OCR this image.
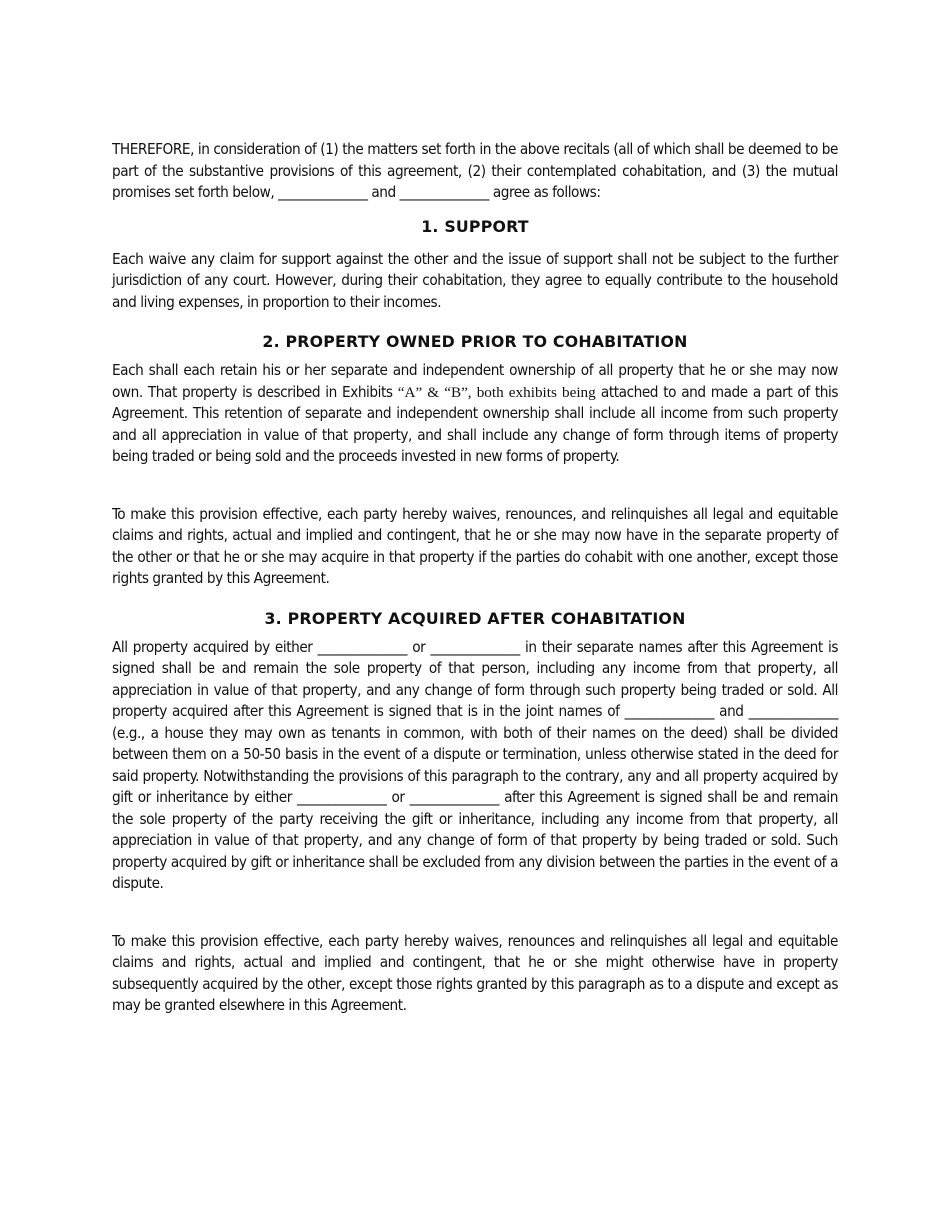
THEREFORE, in consideration of (1) the matters set forth in the above recitals (all of which shall be deemed to be part of the substantive provisions of this agreement, (2) their contemplated cohabitation, and (3) the mutual promises set forth below, ______________ and ______________ agree as follows:

1. SUPPORT

Each waive any claim for support against the other and the issue of support shall not be subject to the further jurisdiction of any court. However, during their cohabitation, they agree to equally contribute to the household and living expenses, in proportion to their incomes.

2. PROPERTY OWNED PRIOR TO COHABITATION

Each shall each retain his or her separate and independent ownership of all property that he or she may now own. That property is described in Exhibits “A” & “B”, both exhibits being attached to and made a part of this Agreement. This retention of separate and independent ownership shall include all income from such property and all appreciation in value of that property, and shall include any change of form through items of property being traded or being sold and the proceeds invested in new forms of property.

To make this provision effective, each party hereby waives, renounces, and relinquishes all legal and equitable claims and rights, actual and implied and contingent, that he or she may now have in the separate property of the other or that he or she may acquire in that property if the parties do cohabit with one another, except those rights granted by this Agreement.

3. PROPERTY ACQUIRED AFTER COHABITATION

All property acquired by either ______________ or ______________ in their separate names after this Agreement is signed shall be and remain the sole property of that person, including any income from that property, all appreciation in value of that property, and any change of form through such property being traded or sold. All property acquired after this Agreement is signed that is in the joint names of ______________ and ______________ (e.g., a house they may own as tenants in common, with both of their names on the deed) shall be divided between them on a 50-50 basis in the event of a dispute or termination, unless otherwise stated in the deed for said property. Notwithstanding the provisions of this paragraph to the contrary, any and all property acquired by gift or inheritance by either ______________ or ______________ after this Agreement is signed shall be and remain the sole property of the party receiving the gift or inheritance, including any income from that property, all appreciation in value of that property, and any change of form of that property by being traded or sold. Such property acquired by gift or inheritance shall be excluded from any division between the parties in the event of a dispute.

To make this provision effective, each party hereby waives, renounces and relinquishes all legal and equitable claims and rights, actual and implied and contingent, that he or she might otherwise have in property subsequently acquired by the other, except those rights granted by this paragraph as to a dispute and except as may be granted elsewhere in this Agreement.
